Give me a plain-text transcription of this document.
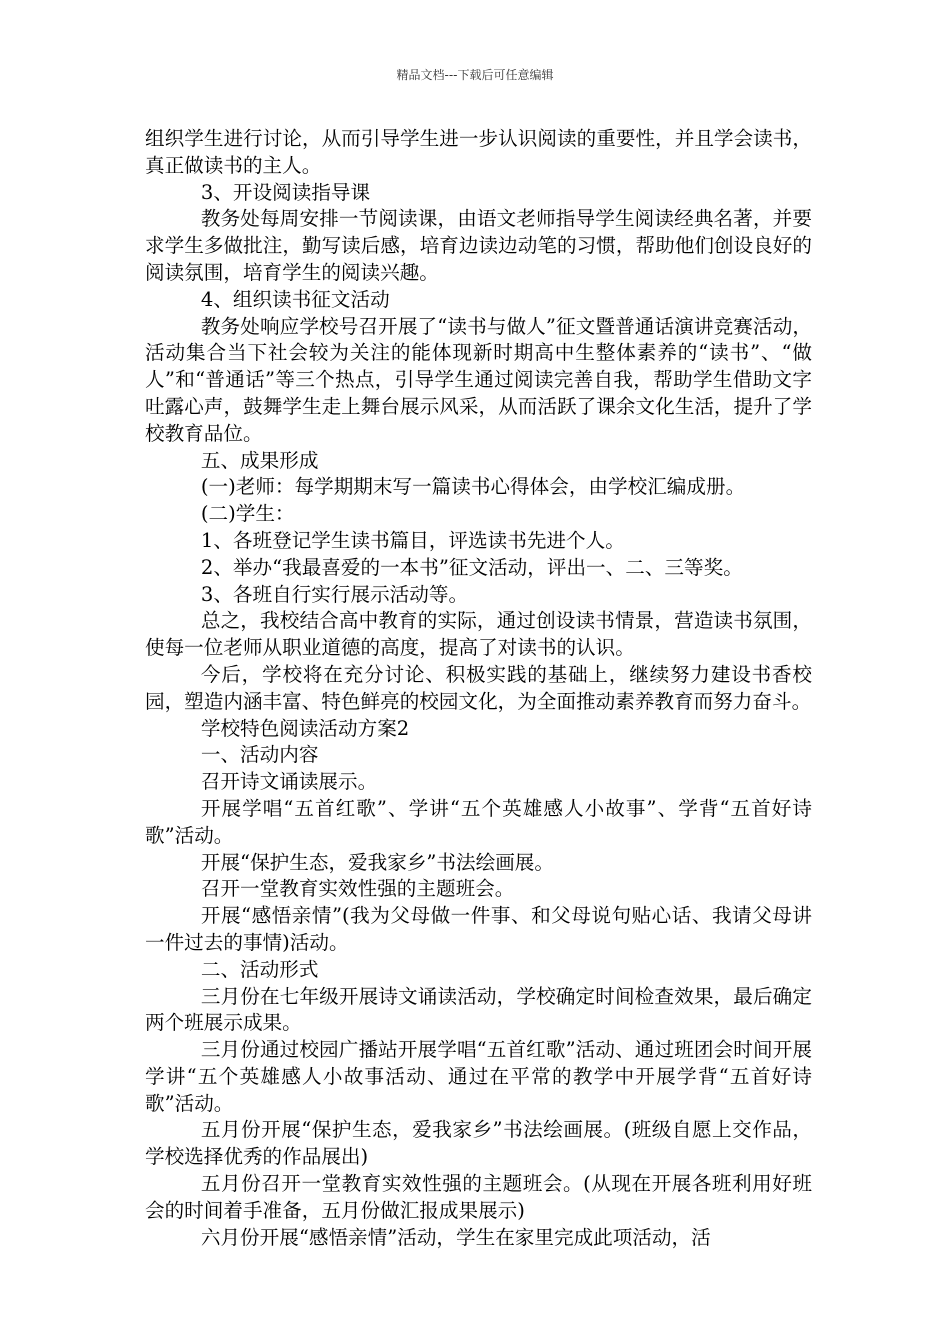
精品文档---下载后可任意编辑

组织学生进行讨论，从而引导学生进一步认识阅读的重要性，并且学会读书，真正做读书的主人。

3、开设阅读指导课

教务处每周安排一节阅读课，由语文老师指导学生阅读经典名著，并要求学生多做批注，勤写读后感，培育边读边动笔的习惯，帮助他们创设良好的阅读氛围，培育学生的阅读兴趣。

4、组织读书征文活动

教务处响应学校号召开展了“读书与做人”征文暨普通话演讲竞赛活动，活动集合当下社会较为关注的能体现新时期高中生整体素养的“读书”、“做人”和“普通话”等三个热点，引导学生通过阅读完善自我，帮助学生借助文字吐露心声，鼓舞学生走上舞台展示风采，从而活跃了课余文化生活，提升了学校教育品位。

五、成果形成

(一)老师：每学期期末写一篇读书心得体会，由学校汇编成册。

(二)学生：

1、各班登记学生读书篇目，评选读书先进个人。

2、举办“我最喜爱的一本书”征文活动，评出一、二、三等奖。

3、各班自行实行展示活动等。

总之，我校结合高中教育的实际，通过创设读书情景，营造读书氛围，使每一位老师从职业道德的高度，提高了对读书的认识。

今后，学校将在充分讨论、积极实践的基础上，继续努力建设书香校园，塑造内涵丰富、特色鲜亮的校园文化，为全面推动素养教育而努力奋斗。

学校特色阅读活动方案2

一、活动内容

召开诗文诵读展示。

开展学唱“五首红歌”、学讲“五个英雄感人小故事”、学背“五首好诗歌”活动。

开展“保护生态，爱我家乡”书法绘画展。

召开一堂教育实效性强的主题班会。

开展“感悟亲情”(我为父母做一件事、和父母说句贴心话、我请父母讲一件过去的事情)活动。

二、活动形式

三月份在七年级开展诗文诵读活动，学校确定时间检查效果，最后确定两个班展示成果。

三月份通过校园广播站开展学唱“五首红歌”活动、通过班团会时间开展学讲“五个英雄感人小故事活动、通过在平常的教学中开展学背“五首好诗歌”活动。

五月份开展“保护生态，爱我家乡”书法绘画展。(班级自愿上交作品，学校选择优秀的作品展出)

五月份召开一堂教育实效性强的主题班会。(从现在开展各班利用好班会的时间着手准备，五月份做汇报成果展示)

六月份开展“感悟亲情”活动，学生在家里完成此项活动，活
